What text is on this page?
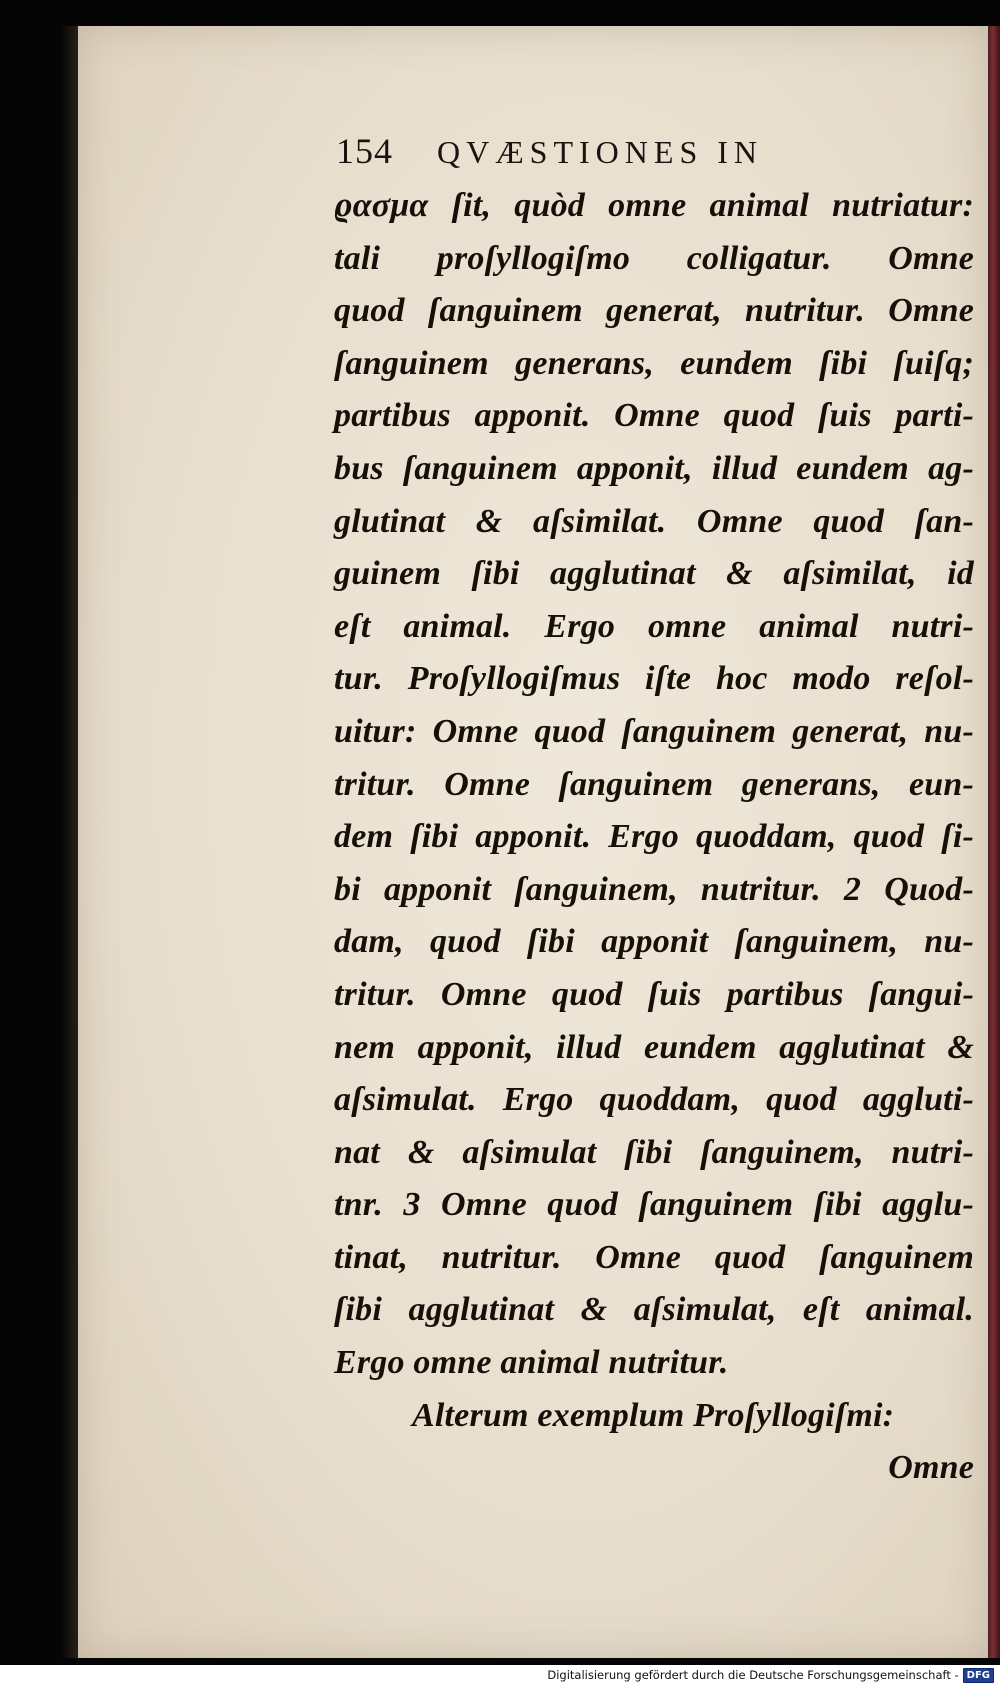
154 QVÆSTIONES IN
ϱασμα ſit, quòd omne animal nutriatur:
tali proſyllogiſmo colligatur. Omne
quod ſanguinem generat, nutritur. Omne
ſanguinem generans, eundem ſibi ſuiſq;
partibus apponit. Omne quod ſuis parti-
bus ſanguinem apponit, illud eundem ag-
glutinat & aſsimilat. Omne quod ſan-
guinem ſibi agglutinat & aſsimilat, id
eſt animal. Ergo omne animal nutri-
tur. Proſyllogiſmus iſte hoc modo reſol-
uitur: Omne quod ſanguinem generat, nu-
tritur. Omne ſanguinem generans, eun-
dem ſibi apponit. Ergo quoddam, quod ſi-
bi apponit ſanguinem, nutritur. 2 Quod-
dam, quod ſibi apponit ſanguinem, nu-
tritur. Omne quod ſuis partibus ſangui-
nem apponit, illud eundem agglutinat &
aſsimulat. Ergo quoddam, quod aggluti-
nat & aſsimulat ſibi ſanguinem, nutri-
tnr. 3 Omne quod ſanguinem ſibi agglu-
tinat, nutritur. Omne quod ſanguinem
ſibi agglutinat & aſsimulat, eſt animal.
Ergo omne animal nutritur.
Alterum exemplum Proſyllogiſmi:
Omne
Digitalisierung gefördert durch die Deutsche Forschungsgemeinschaft - DFG
